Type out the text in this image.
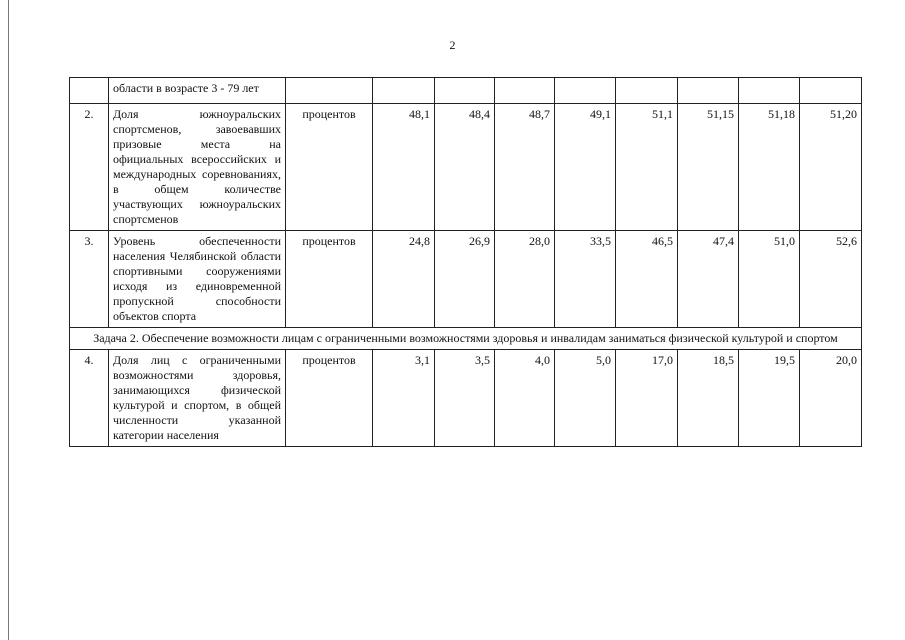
2
	области в возрасте 3 - 79 лет									
2.	Доля южноуральских спортсменов, завоевавших призовые места на официальных всероссийских и международных соревнованиях, в общем количестве участвующих южноуральских спортсменов	процентов	48,1	48,4	48,7	49,1	51,1	51,15	51,18	51,20
3.	Уровень обеспеченности населения Челябинской области спортивными сооружениями исходя из единовременной пропускной способности объектов спорта	процентов	24,8	26,9	28,0	33,5	46,5	47,4	51,0	52,6
Задача 2. Обеспечение возможности лицам с ограниченными возможностями здоровья и инвалидам заниматься физической культурой и спортом										
4.	Доля лиц с ограниченными возможностями здоровья, занимающихся физической культурой и спортом, в общей численности указанной категории населения	процентов	3,1	3,5	4,0	5,0	17,0	18,5	19,5	20,0
